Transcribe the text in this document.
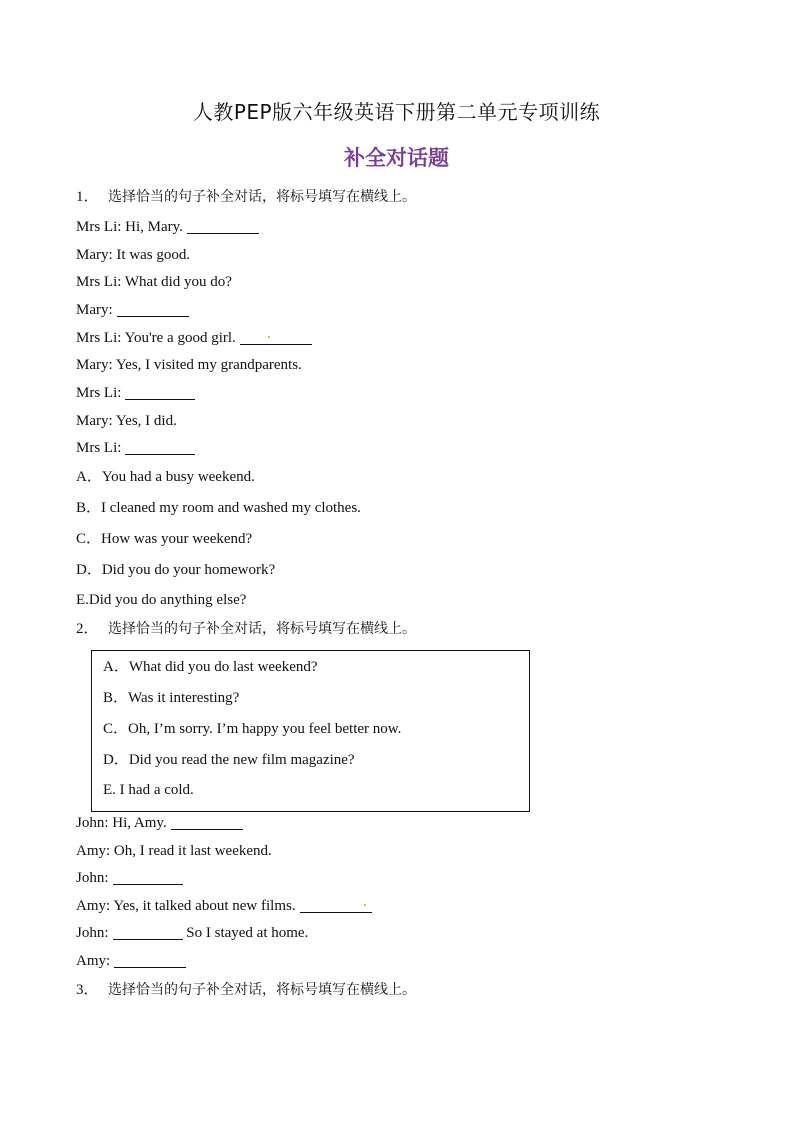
人教PEP版六年级英语下册第二单元专项训练
补全对话题
1． 选择恰当的句子补全对话，将标号填写在横线上。
Mrs Li: Hi, Mary.
Mary: It was good.
Mrs Li: What did you do?
Mary:
Mrs Li: You're a good girl.
Mary: Yes, I visited my grandparents.
Mrs Li:
Mary: Yes, I did.
Mrs Li:
A．You had a busy weekend.
B．I cleaned my room and washed my clothes.
C．How was your weekend?
D．Did you do your homework?
E.Did you do anything else?
2． 选择恰当的句子补全对话，将标号填写在横线上。
A．What did you do last weekend?
B．Was it interesting?
C．Oh, I’m sorry. I’m happy you feel better now.
D．Did you read the new film magazine?
E. I had a cold.
John: Hi, Amy.
Amy: Oh, I read it last weekend.
John:
Amy: Yes, it talked about new films.
John:	So I stayed at home.
Amy:
3． 选择恰当的句子补全对话，将标号填写在横线上。
